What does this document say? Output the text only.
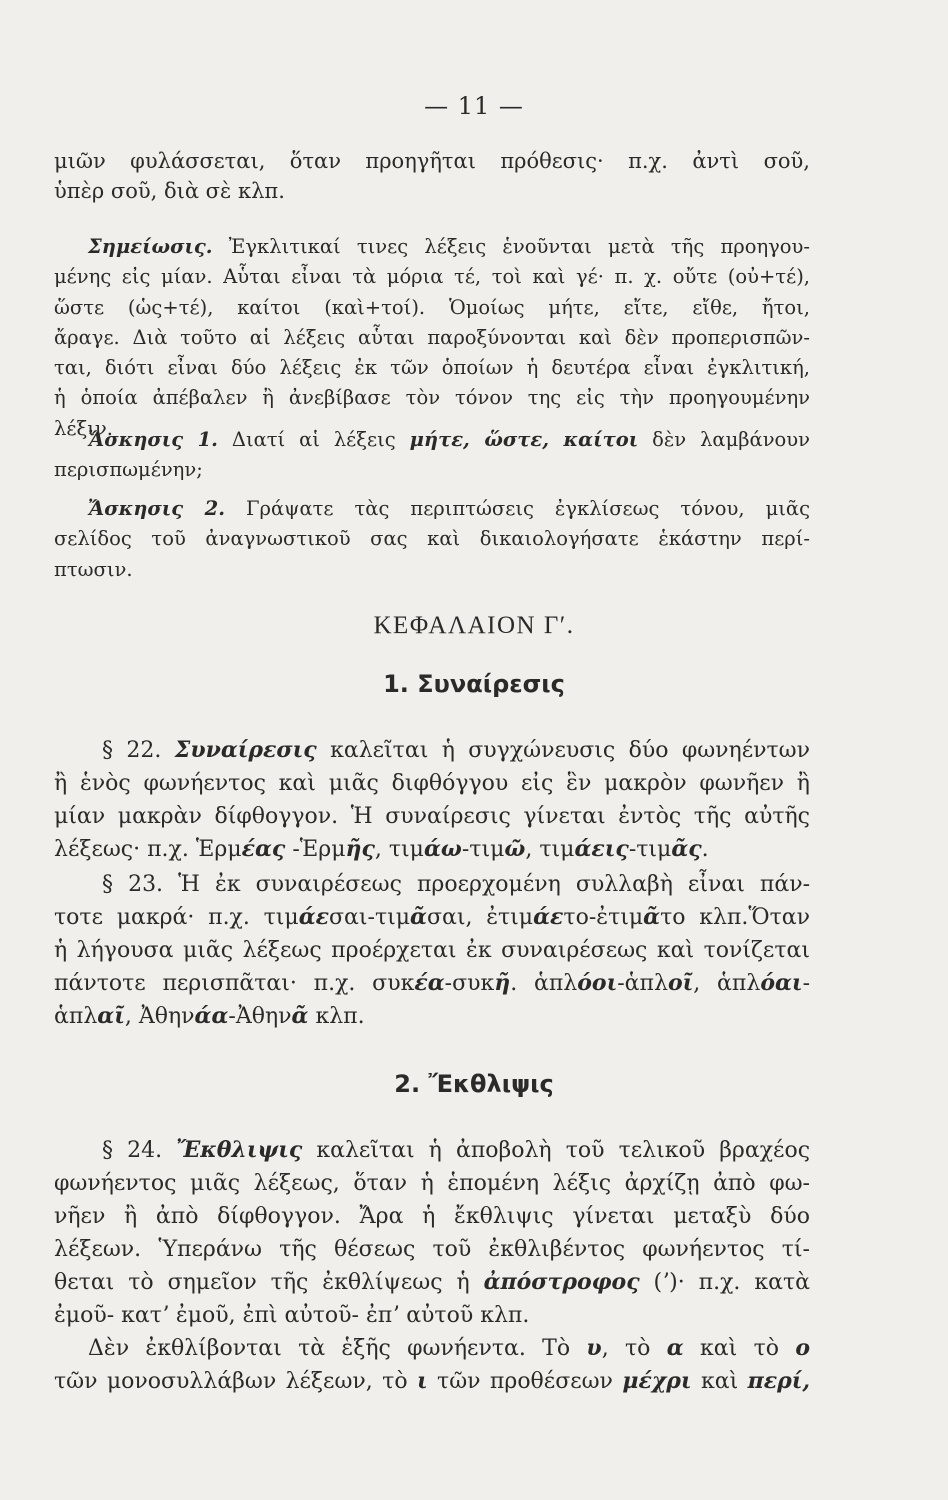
— 11 —
μιῶν φυλάσσεται, ὅταν προηγῆται πρόθεσις· π.χ. ἀντὶ σοῦ,
ὑπὲρ σοῦ, διὰ σὲ κλπ.
Σημείωσις. Ἐγκλιτικαί τινες λέξεις ἑνοῦνται μετὰ τῆς προηγου-
μένης εἰς μίαν. Αὗται εἶναι τὰ μόρια τέ, τοὶ καὶ γέ· π. χ. οὔτε (οὐ+τέ),
ὥστε (ὡς+τέ), καίτοι (καὶ+τοί). Ὁμοίως μήτε, εἴτε, εἴθε, ἤτοι,
ἄραγε. Διὰ τοῦτο αἱ λέξεις αὗται παροξύνονται καὶ δὲν προπερισπῶν-
ται, διότι εἶναι δύο λέξεις ἐκ τῶν ὁποίων ἡ δευτέρα εἶναι ἐγκλιτική,
ἡ ὁποία ἀπέβαλεν ἢ ἀνεβίβασε τὸν τόνον της εἰς τὴν προηγουμένην
λέξιν.
Ἄσκησις 1. Διατί αἱ λέξεις μήτε, ὥστε, καίτοι δὲν λαμβάνουν
περισπωμένην;
Ἄσκησις 2. Γράψατε τὰς περιπτώσεις ἐγκλίσεως τόνου, μιᾶς
σελίδος τοῦ ἀναγνωστικοῦ σας καὶ δικαιολογήσατε ἑκάστην περί-
πτωσιν.
ΚΕΦΑΛΑΙΟΝ Γʹ.
1. Συναίρεσις
§ 22. Συναίρεσις καλεῖται ἡ συγχώνευσις δύο φωνηέντων
ἢ ἑνὸς φωνήεντος καὶ μιᾶς διφθόγγου εἰς ἓν μακρὸν φωνῆεν ἢ
μίαν μακρὰν δίφθογγον. Ἡ συναίρεσις γίνεται ἐντὸς τῆς αὐτῆς
λέξεως· π.χ. Ἑρμέας -Ἑρμῆς, τιμάω-τιμῶ, τιμάεις-τιμᾶς.
§ 23. Ἡ ἐκ συναιρέσεως προερχομένη συλλαβὴ εἶναι πάν-
τοτε μακρά· π.χ. τιμάεσαι-τιμᾶσαι, ἐτιμάετο-ἐτιμᾶτο κλπ.Ὅταν
ἡ λήγουσα μιᾶς λέξεως προέρχεται ἐκ συναιρέσεως καὶ τονίζεται
πάντοτε περισπᾶται· π.χ. συκέα-συκῆ. ἁπλόοι-ἁπλοῖ, ἁπλόαι-
ἁπλαῖ, Ἀθηνάα-Ἀθηνᾶ κλπ.
2. Ἔκθλιψις
§ 24. Ἔκθλιψις καλεῖται ἡ ἀποβολὴ τοῦ τελικοῦ βραχέος
φωνήεντος μιᾶς λέξεως, ὅταν ἡ ἑπομένη λέξις ἀρχίζῃ ἀπὸ φω-
νῆεν ἢ ἀπὸ δίφθογγον. Ἄρα ἡ ἔκθλιψις γίνεται μεταξὺ δύο
λέξεων. Ὑπεράνω τῆς θέσεως τοῦ ἐκθλιβέντος φωνήεντος τί-
θεται τὸ σημεῖον τῆς ἐκθλίψεως ἡ ἀπόστροφος (ʼ)· π.χ. κατὰ
ἐμοῦ- κατʼ ἐμοῦ, ἐπὶ αὐτοῦ- ἐπʼ αὐτοῦ κλπ.
Δὲν ἐκθλίβονται τὰ ἑξῆς φωνήεντα. Τὸ υ, τὸ α καὶ τὸ ο
τῶν μονοσυλλάβων λέξεων, τὸ ι τῶν προθέσεων μέχρι καὶ περί,
